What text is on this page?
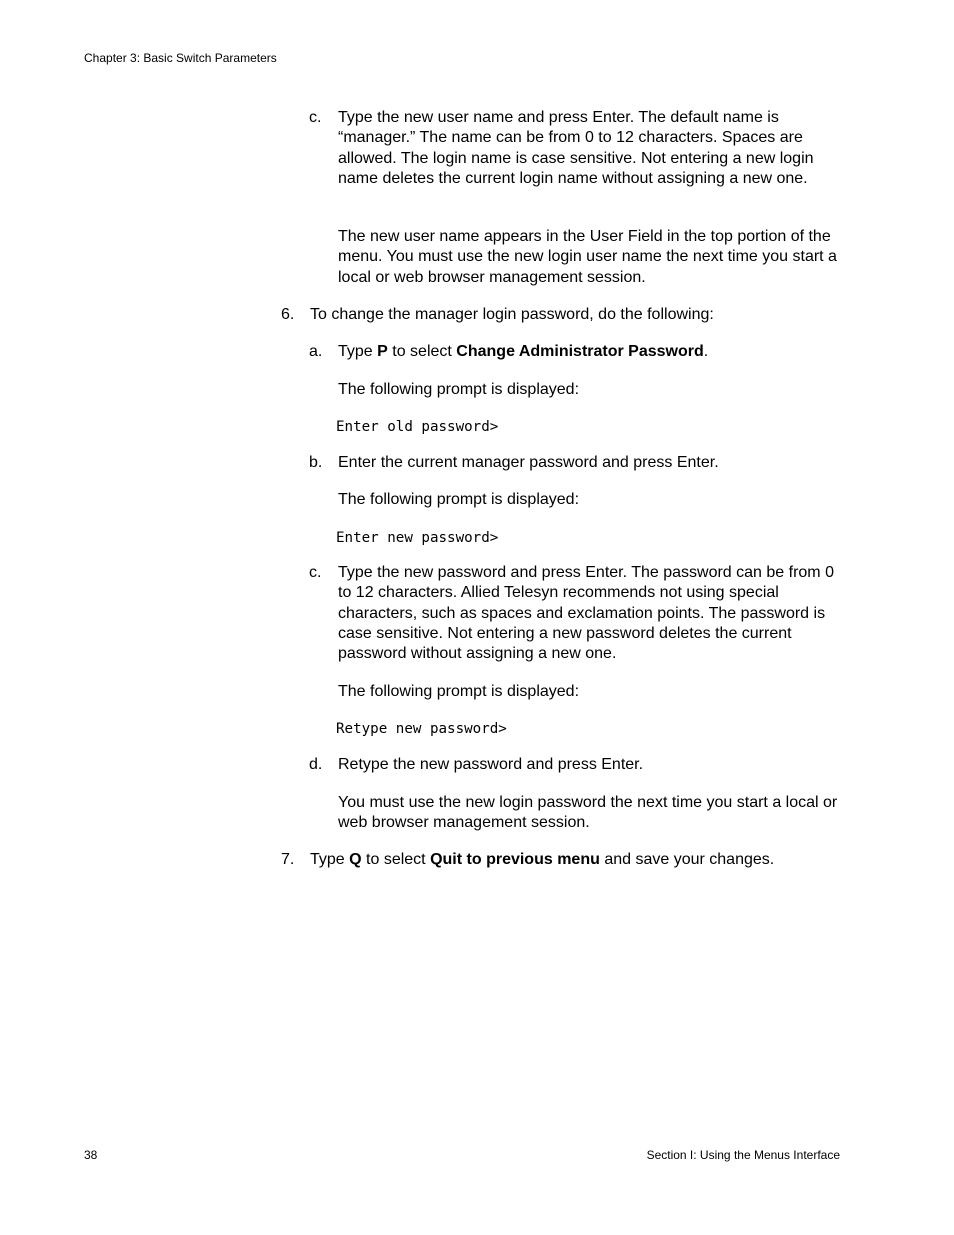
Chapter 3: Basic Switch Parameters
c. Type the new user name and press Enter. The default name is “manager.” The name can be from 0 to 12 characters. Spaces are allowed. The login name is case sensitive. Not entering a new login name deletes the current login name without assigning a new one.
The new user name appears in the User Field in the top portion of the menu. You must use the new login user name the next time you start a local or web browser management session.
6. To change the manager login password, do the following:
a. Type P to select Change Administrator Password.
The following prompt is displayed:
Enter old password>
b. Enter the current manager password and press Enter.
The following prompt is displayed:
Enter new password>
c. Type the new password and press Enter. The password can be from 0 to 12 characters. Allied Telesyn recommends not using special characters, such as spaces and exclamation points. The password is case sensitive. Not entering a new password deletes the current password without assigning a new one.
The following prompt is displayed:
Retype new password>
d. Retype the new password and press Enter.
You must use the new login password the next time you start a local or web browser management session.
7. Type Q to select Quit to previous menu and save your changes.
38	Section I: Using the Menus Interface
